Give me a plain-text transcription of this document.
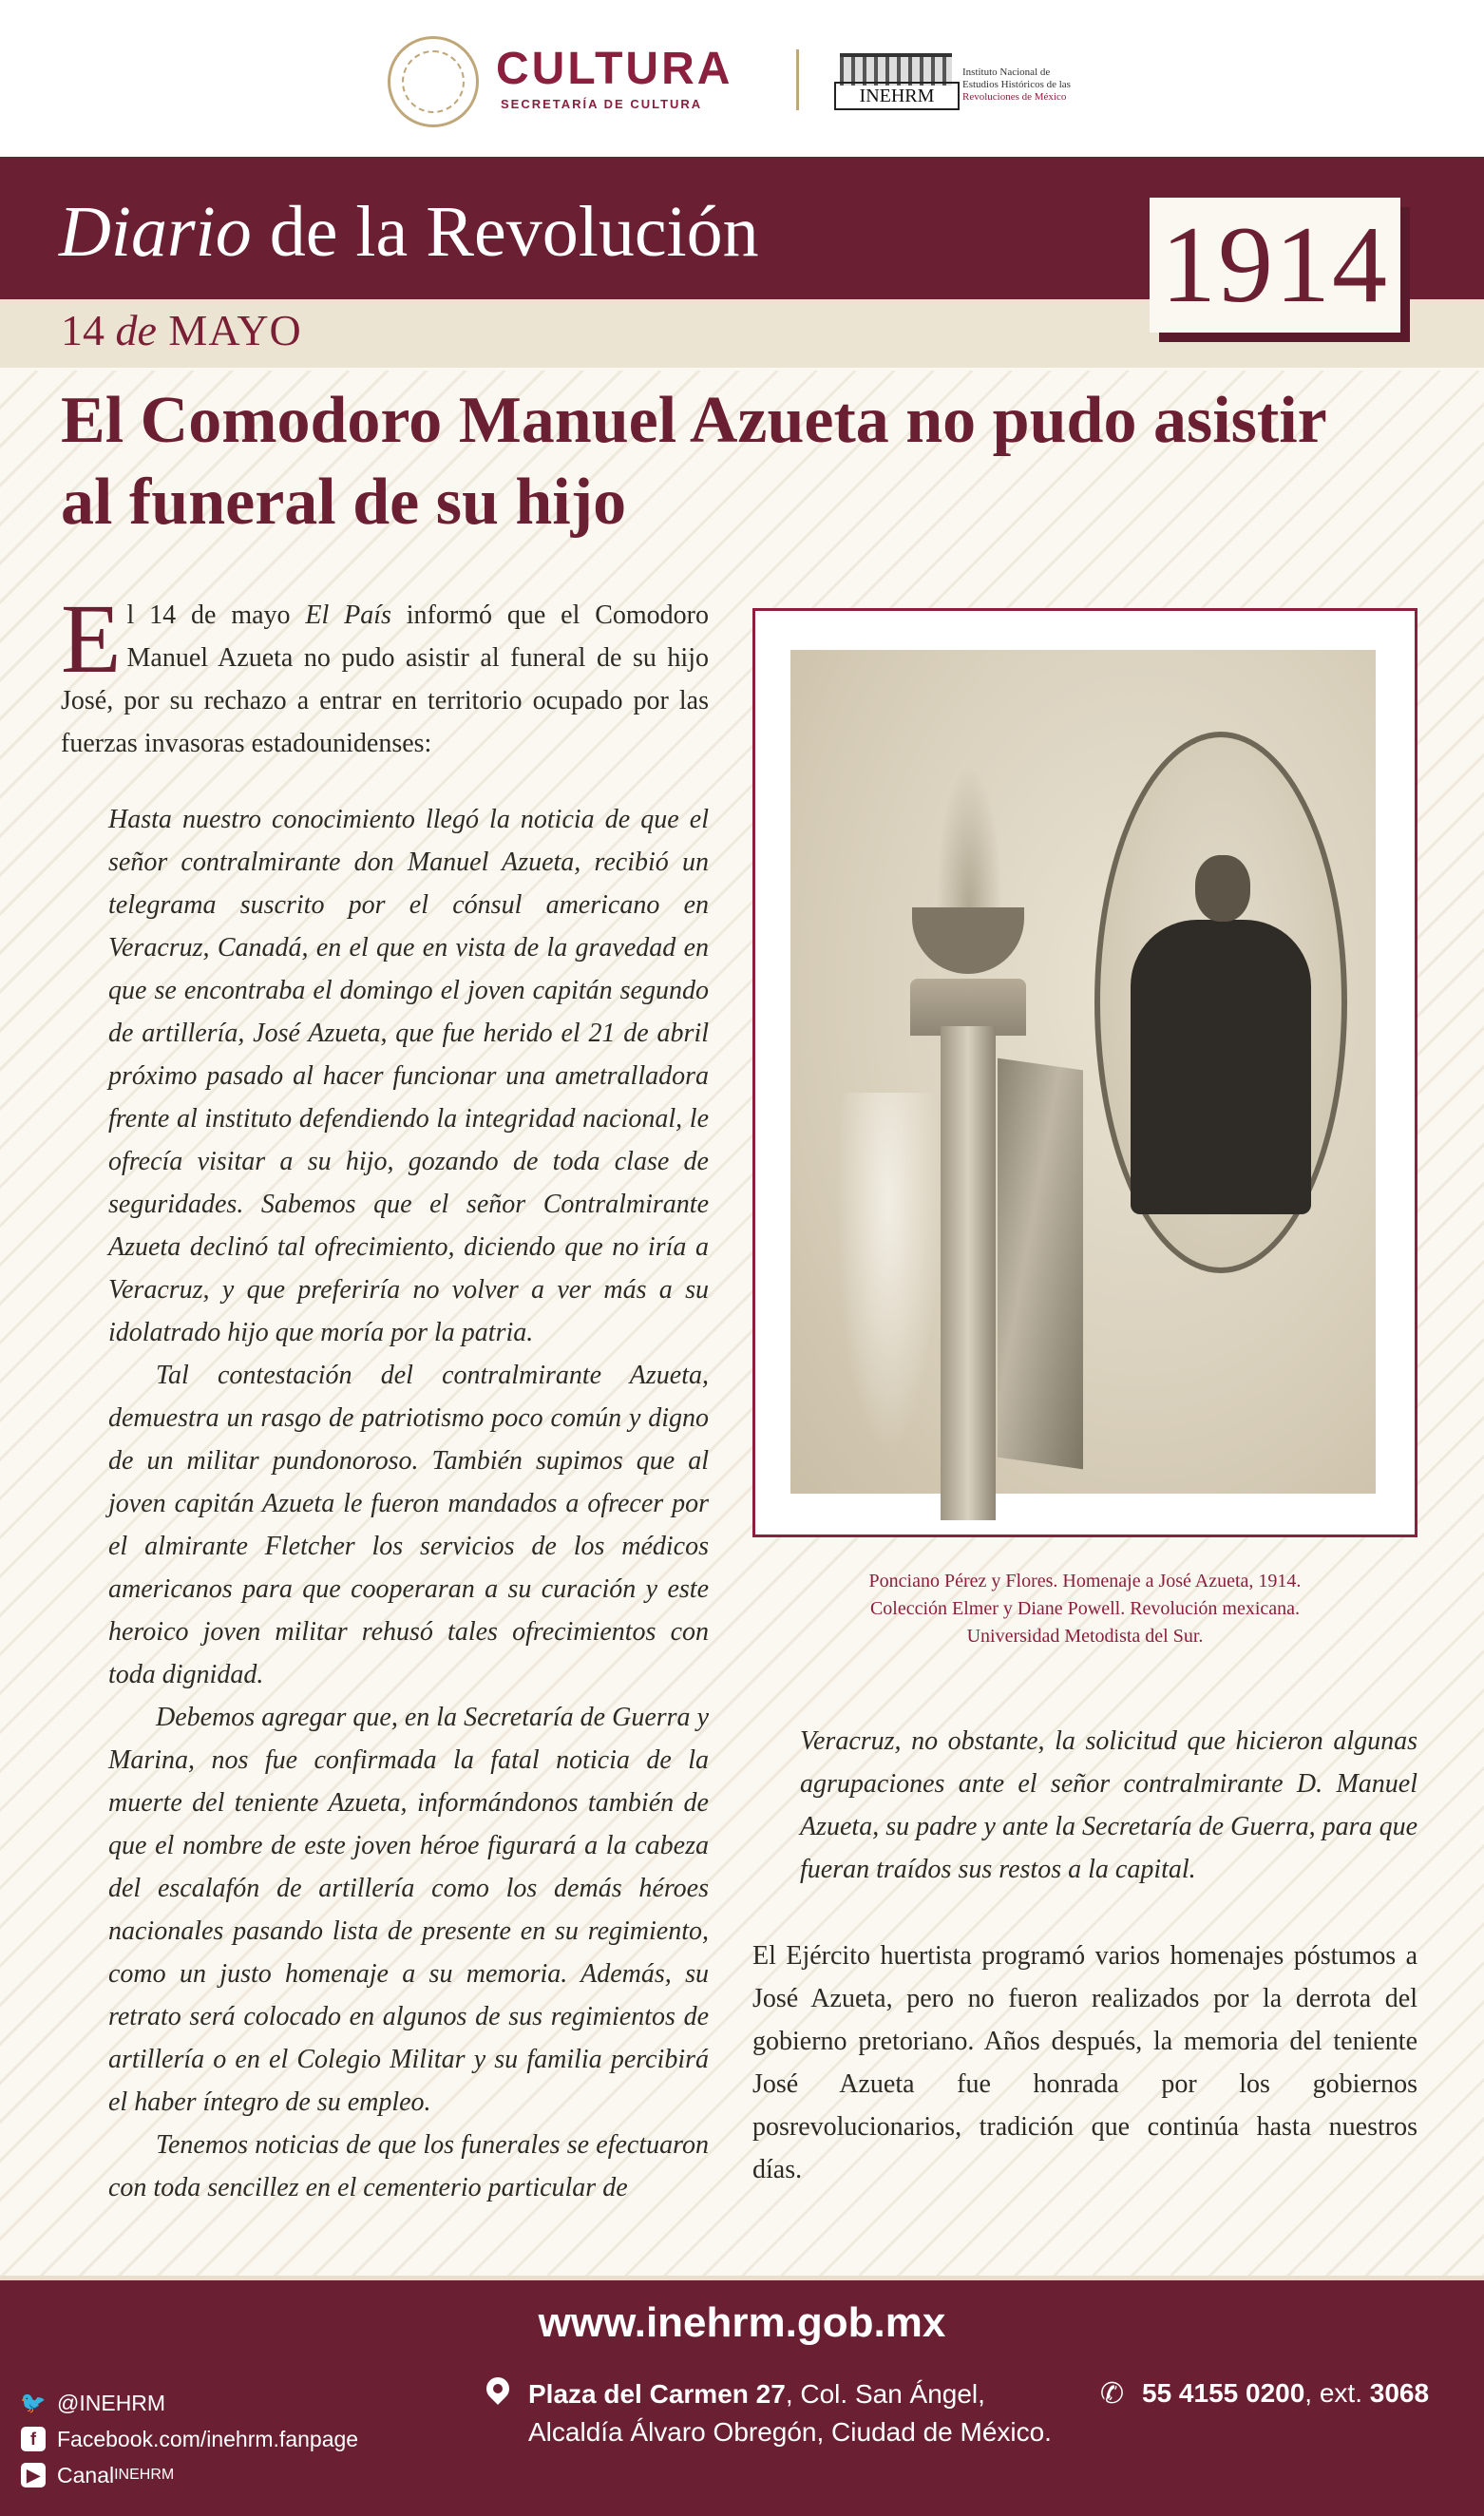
CULTURA
SECRETARÍA DE CULTURA	INEHRM
Instituto Nacional de
Estudios Históricos de las
Revoluciones de México
Diario de la Revolución
14 de MAYO
1914
El Comodoro Manuel Azueta no pudo asistir al funeral de su hijo
El 14 de mayo El País informó que el Comodoro Manuel Azueta no pudo asistir al funeral de su hijo José, por su rechazo a entrar en territorio ocupado por las fuerzas invasoras estadounidenses:

Hasta nuestro conocimiento llegó la noticia de que el señor contralmirante don Manuel Azueta, recibió un telegrama suscrito por el cónsul americano en Veracruz, Canadá, en el que en vista de la gravedad en que se encontraba el domingo el joven capitán segundo de artillería, José Azueta, que fue herido el 21 de abril próximo pasado al hacer funcionar una ametralladora frente al instituto defendiendo la integridad nacional, le ofrecía visitar a su hijo, gozando de toda clase de seguridades. Sabemos que el señor Contralmirante Azueta declinó tal ofrecimiento, diciendo que no iría a Veracruz, y que preferiría no volver a ver más a su idolatrado hijo que moría por la patria.

Tal contestación del contralmirante Azueta, demuestra un rasgo de patriotismo poco común y digno de un militar pundonoroso. También supimos que al joven capitán Azueta le fueron mandados a ofrecer por el almirante Fletcher los servicios de los médicos americanos para que cooperaran a su curación y este heroico joven militar rehusó tales ofrecimientos con toda dignidad.

Debemos agregar que, en la Secretaría de Guerra y Marina, nos fue confirmada la fatal noticia de la muerte del teniente Azueta, informándonos también de que el nombre de este joven héroe figurará a la cabeza del escalafón de artillería como los demás héroes nacionales pasando lista de presente en su regimiento, como un justo homenaje a su memoria. Además, su retrato será colocado en algunos de sus regimientos de artillería o en el Colegio Militar y su familia percibirá el haber íntegro de su empleo.

Tenemos noticias de que los funerales se efectuaron con toda sencillez en el cementerio particular de

Ponciano Pérez y Flores. Homenaje a José Azueta, 1914.
Colección Elmer y Diane Powell. Revolución mexicana.
Universidad Metodista del Sur.

Veracruz, no obstante, la solicitud que hicieron algunas agrupaciones ante el señor contralmirante D. Manuel Azueta, su padre y ante la Secretaría de Guerra, para que fueran traídos sus restos a la capital.

El Ejército huertista programó varios homenajes póstumos a José Azueta, pero no fueron realizados por la derrota del gobierno pretoriano. Años después, la memoria del teniente José Azueta fue honrada por los gobiernos posrevolucionarios, tradición que continúa hasta nuestros días.
www.inehrm.gob.mx
🐦 @INEHRM
f Facebook.com/inehrm.fanpage
▶ Canal INEHRM
Plaza del Carmen 27, Col. San Ángel,
Alcaldía Álvaro Obregón, Ciudad de México.
✆ 55 4155 0200, ext. 3068
